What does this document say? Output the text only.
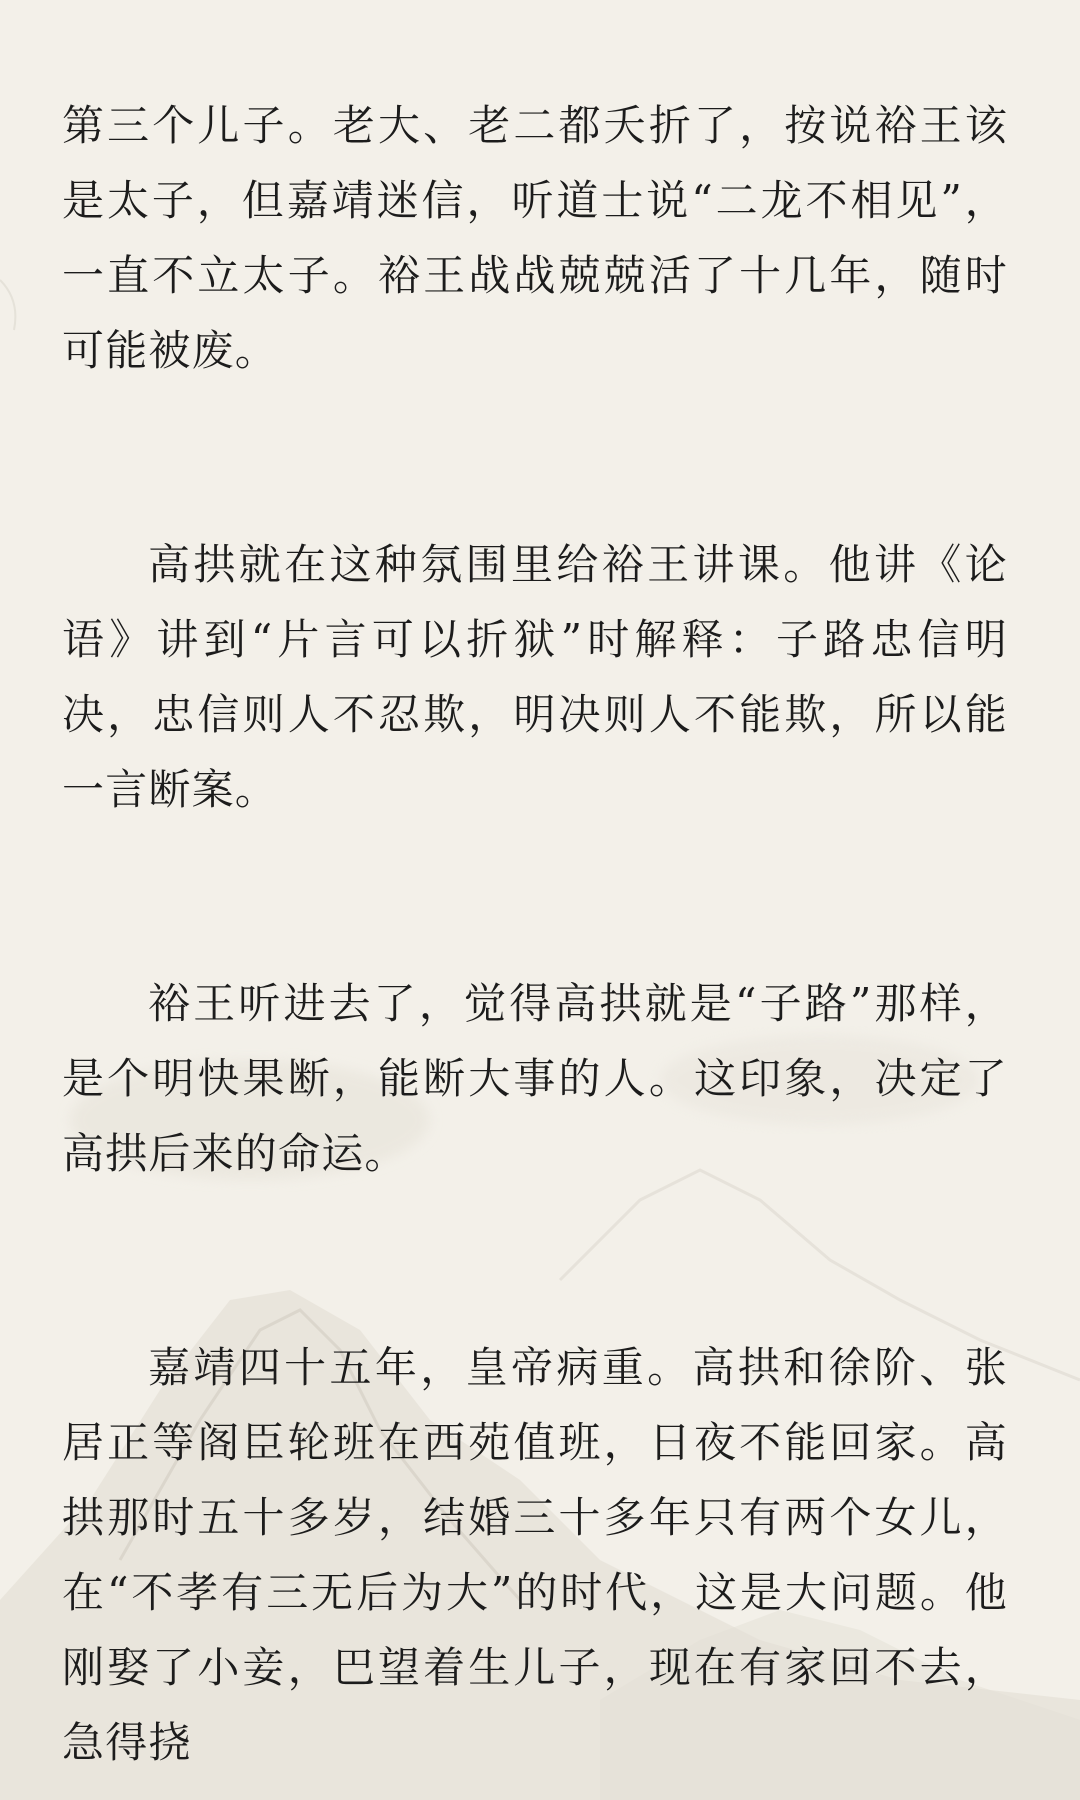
第三个儿子。老大、老二都夭折了，按说裕王该是太子，但嘉靖迷信，听道士说“二龙不相见”，一直不立太子。裕王战战兢兢活了十几年，随时可能被废。

高拱就在这种氛围里给裕王讲课。他讲《论语》讲到“片言可以折狱”时解释：子路忠信明决，忠信则人不忍欺，明决则人不能欺，所以能一言断案。

裕王听进去了，觉得高拱就是“子路”那样，是个明快果断，能断大事的人。这印象，决定了高拱后来的命运。

嘉靖四十五年，皇帝病重。高拱和徐阶、张居正等阁臣轮班在西苑值班，日夜不能回家。高拱那时五十多岁，结婚三十多年只有两个女儿，在“不孝有三无后为大”的时代，这是大问题。他刚娶了小妾，巴望着生儿子，现在有家回不去，急得挠
